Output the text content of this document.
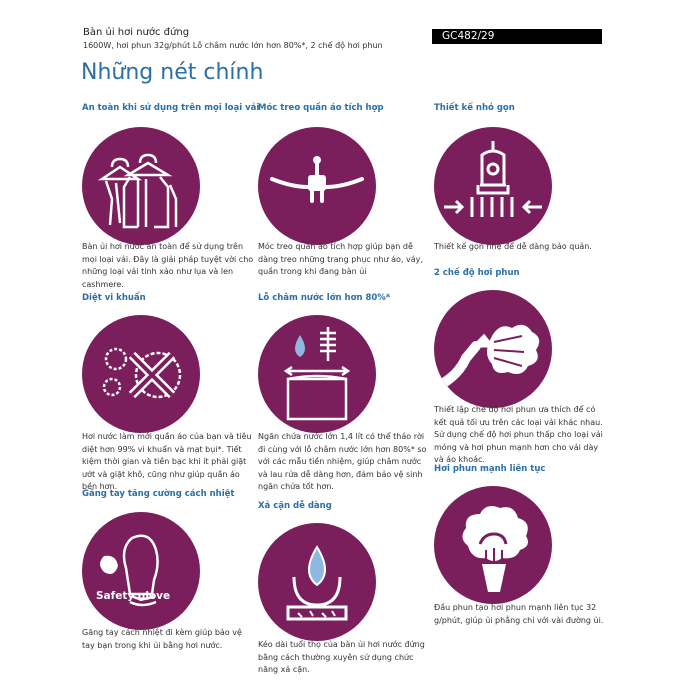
Bàn ủi hơi nước đứng
1600W, hơi phun 32g/phút Lỗ châm nước lớn hơn 80%*, 2 chế độ hơi phun
GC482/29
Những nét chính
An toàn khi sử dụng trên mọi loại vải

Bàn ủi hơi nước an toàn để sử dụng trên mọi loại vải. Đây là giải pháp tuyệt vời cho những loại vải tinh xảo như lụa và len cashmere.

Móc treo quần áo tích hợp

Móc treo quần áo tích hợp giúp bạn dễ dàng treo những trang phục như áo, váy, quần trong khi đang bàn ủi

Thiết kế nhỏ gọn

Thiết kế gọn nhẹ để dễ dàng bảo quản.

Diệt vi khuẩn

Hơi nước làm mới quần áo của bạn và tiêu diệt hơn 99% vi khuẩn và mạt bụi*. Tiết kiệm thời gian và tiền bạc khi ít phải giặt ướt và giặt khô, cũng như giúp quần áo bền hơn.

Lỗ châm nước lớn hơn 80%*

Ngăn chứa nước lớn 1,4 lít có thể tháo rời đi cùng với lỗ châm nước lớn hơn 80%* so với các mẫu tiền nhiệm, giúp châm nước và lau rửa dễ dàng hơn, đảm bảo vệ sinh ngăn chứa tốt hơn.

2 chế độ hơi phun

Thiết lập chế độ hơi phun ưa thích để có kết quả tối ưu trên các loại vải khác nhau. Sử dụng chế độ hơi phun thấp cho loại vải mỏng và hơi phun mạnh hơn cho vải dày và áo khoác.

Găng tay tăng cường cách nhiệt
Safety glove

Găng tay cách nhiệt đi kèm giúp bảo vệ tay bạn trong khi ủi bằng hơi nước.

Xả cặn dễ dàng

Kéo dài tuổi thọ của bàn ủi hơi nước đứng bằng cách thường xuyên sử dụng chức năng xả cặn.

Hơi phun mạnh liên tục

Đầu phun tạo hơi phun mạnh liên tục 32 g/phút, giúp ủi phẳng chỉ với vài đường ủi.
